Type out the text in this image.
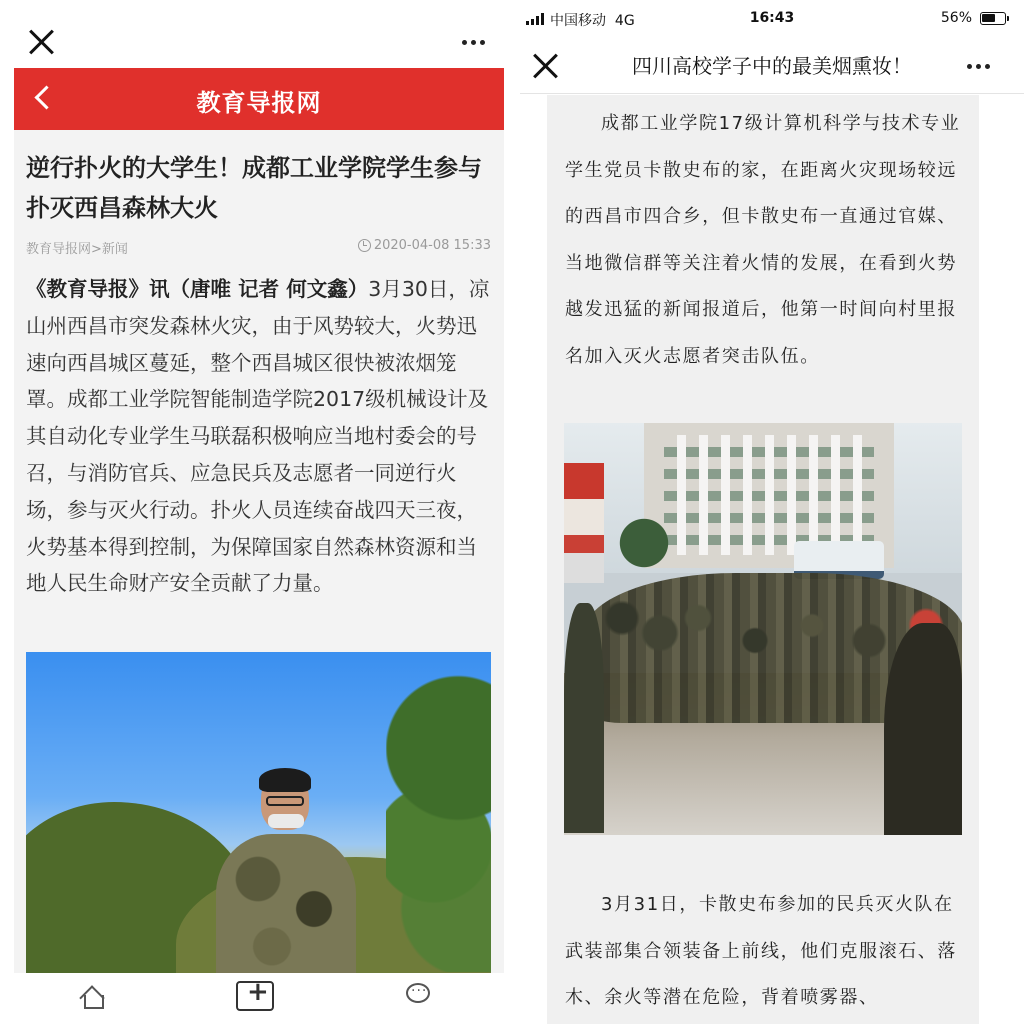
教育导报网
逆行扑火的大学生！成都工业学院学生参与扑灭西昌森林大火
教育导报网>新闻	2020-04-08 15:33
《教育导报》讯（唐唯 记者 何文鑫）3月30日，凉山州西昌市突发森林火灾，由于风势较大，火势迅速向西昌城区蔓延，整个西昌城区很快被浓烟笼罩。成都工业学院智能制造学院2017级机械设计及其自动化专业学生马联磊积极响应当地村委会的号召，与消防官兵、应急民兵及志愿者一同逆行火场，参与灭火行动。扑火人员连续奋战四天三夜，火势基本得到控制，为保障国家自然森林资源和当地人民生命财产安全贡献了力量。
+
...
中国移动 4G	16:43	56%
四川高校学子中的最美烟熏妆！
成都工业学院17级计算机科学与技术专业学生党员卡散史布的家，在距离火灾现场较远的西昌市四合乡，但卡散史布一直通过官媒、当地微信群等关注着火情的发展，在看到火势越发迅猛的新闻报道后，他第一时间向村里报名加入灭火志愿者突击队伍。
3月31日，卡散史布参加的民兵灭火队在武装部集合领装备上前线，他们克服滚石、落木、余火等潜在危险，背着喷雾器、
